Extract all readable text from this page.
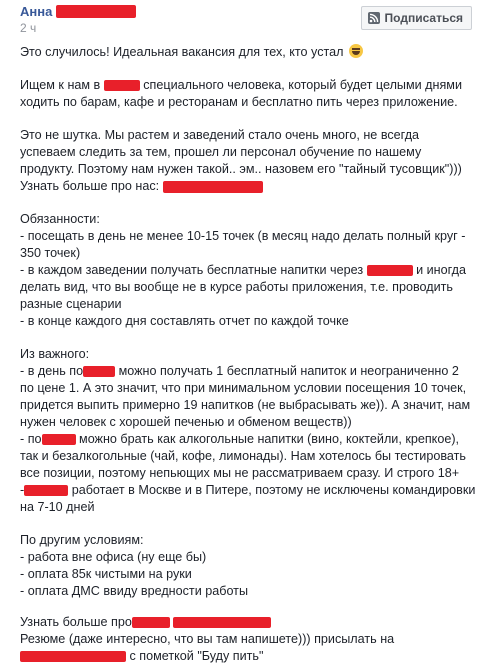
Анна
2 ч
Подписаться
Это случилось! Идеальная вакансия для тех, кто устал
Ищем к нам в	специального человека, который будет целыми днями
ходить по барам, кафе и ресторанам и бесплатно пить через приложение.
Это не шутка. Мы растем и заведений стало очень много, не всегда
успеваем следить за тем, прошел ли персонал обучение по нашему
продукту. Поэтому нам нужен такой.. эм.. назовем его "тайный тусовщик")))
Узнать больше про нас:
Обязанности:
- посещать в день не менее 10-15 точек (в месяц надо делать полный круг -
350 точек)
- в каждом заведении получать бесплатные напитки через	и иногда
делать вид, что вы вообще не в курсе работы приложения, т.е. проводить
разные сценарии
- в конце каждого дня составлять отчет по каждой точке
Из важного:
- в день по	можно получать 1 бесплатный напиток и неограниченно 2
по цене 1. А это значит, что при минимальном условии посещения 10 точек,
придется выпить примерно 19 напитков (не выбрасывать же)). А значит, нам
нужен человек с хорошей печенью и обменом веществ))
- по	можно брать как алкогольные напитки (вино, коктейли, крепкое),
так и безалкогольные (чай, кофе, лимонады). Нам хотелось бы тестировать
все позиции, поэтому непьющих мы не рассматриваем сразу. И строго 18+
-	работает в Москве и в Питере, поэтому не исключены командировки
на 7-10 дней
По другим условиям:
- работа вне офиса (ну еще бы)
- оплата 85к чистыми на руки
- оплата ДМС ввиду вредности работы
Узнать больше про
Резюме (даже интересно, что вы там напишете))) присылать на
с пометкой "Буду пить"
